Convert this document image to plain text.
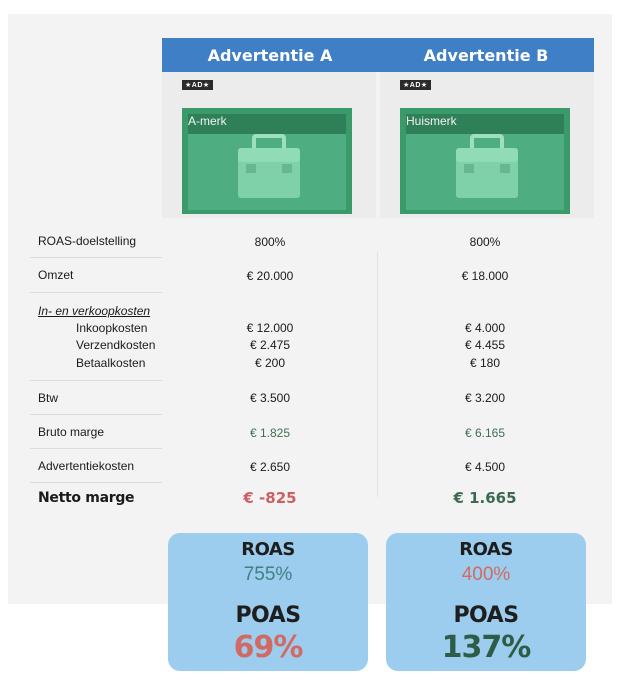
Advertentie A	Advertentie B
★AD★
A-merk
★AD★
Huismerk
ROAS-doelstelling	800%	800%
Omzet	€ 20.000	€ 18.000
In- en verkoopkosten
Inkoopkosten	€ 12.000	€ 4.000
Verzendkosten	€ 2.475	€ 4.455
Betaalkosten	€ 200	€ 180
Btw	€ 3.500	€ 3.200
Bruto marge	€ 1.825	€ 6.165
Advertentiekosten	€ 2.650	€ 4.500
Netto marge	€ -825	€ 1.665
ROAS
755%
POAS
69%
ROAS
400%
POAS
137%
